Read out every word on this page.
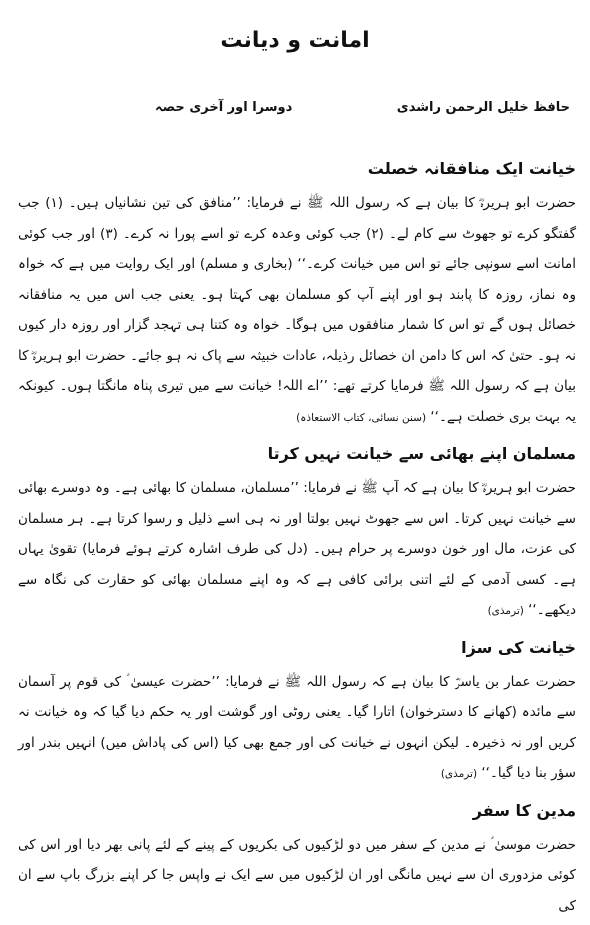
امانت و دیانت
حافظ خلیل الرحمن راشدی
دوسرا اور آخری حصہ
خیانت ایک منافقانہ خصلت

حضرت ابو ہریرہؓ کا بیان ہے کہ رسول اللہ ﷺ نے فرمایا: ’’منافق کی تین نشانیاں ہیں۔ (۱) جب گفتگو کرے تو جھوٹ سے کام لے۔ (۲) جب کوئی وعدہ کرے تو اسے پورا نہ کرے۔ (۳) اور جب کوئی امانت اسے سونپی جائے تو اس میں خیانت کرے۔‘‘ (بخاری و مسلم) اور ایک روایت میں ہے کہ خواہ وہ نماز، روزہ کا پابند ہو اور اپنے آپ کو مسلمان بھی کہتا ہو۔ یعنی جب اس میں یہ منافقانہ خصائل ہوں گے تو اس کا شمار منافقوں میں ہوگا۔ خواہ وہ کتنا ہی تہجد گزار اور روزہ دار کیوں نہ ہو۔ حتیٰ کہ اس کا دامن ان خصائل رذیلہ، عادات خبیثہ سے پاک نہ ہو جائے۔ حضرت ابو ہریرہؓ کا بیان ہے کہ رسول اللہ ﷺ فرمایا کرتے تھے: ’’اے اللہ! خیانت سے میں تیری پناہ مانگتا ہوں۔ کیونکہ یہ بہت بری خصلت ہے۔‘‘ (سنن نسائی، کتاب الاستعاذہ)

مسلمان اپنے بھائی سے خیانت نہیں کرتا

حضرت ابو ہریرہؓ کا بیان ہے کہ آپ ﷺ نے فرمایا: ’’مسلمان، مسلمان کا بھائی ہے۔ وہ دوسرے بھائی سے خیانت نہیں کرتا۔ اس سے جھوٹ نہیں بولتا اور نہ ہی اسے ذلیل و رسوا کرتا ہے۔ ہر مسلمان کی عزت، مال اور خون دوسرے پر حرام ہیں۔ (دل کی طرف اشارہ کرتے ہوئے فرمایا) تقویٰ یہاں ہے۔ کسی آدمی کے لئے اتنی برائی کافی ہے کہ وہ اپنے مسلمان بھائی کو حقارت کی نگاہ سے دیکھے۔‘‘ (ترمذی)

خیانت کی سزا

حضرت عمار بن یاسرؓ کا بیان ہے کہ رسول اللہ ﷺ نے فرمایا: ’’حضرت عیسیٰ ؑ کی قوم پر آسمان سے مائدہ (کھانے کا دسترخوان) اتارا گیا۔ یعنی روٹی اور گوشت اور یہ حکم دیا گیا کہ وہ خیانت نہ کریں اور نہ ذخیرہ۔ لیکن انہوں نے خیانت کی اور جمع بھی کیا (اس کی پاداش میں) انہیں بندر اور سؤر بنا دیا گیا۔‘‘ (ترمذی)

مدین کا سفر

حضرت موسیٰ ؑ نے مدین کے سفر میں دو لڑکیوں کی بکریوں کے پینے کے لئے پانی بھر دیا اور اس کی کوئی مزدوری ان سے نہیں مانگی اور ان لڑکیوں میں سے ایک نے واپس جا کر اپنے بزرگ باپ سے ان کی
